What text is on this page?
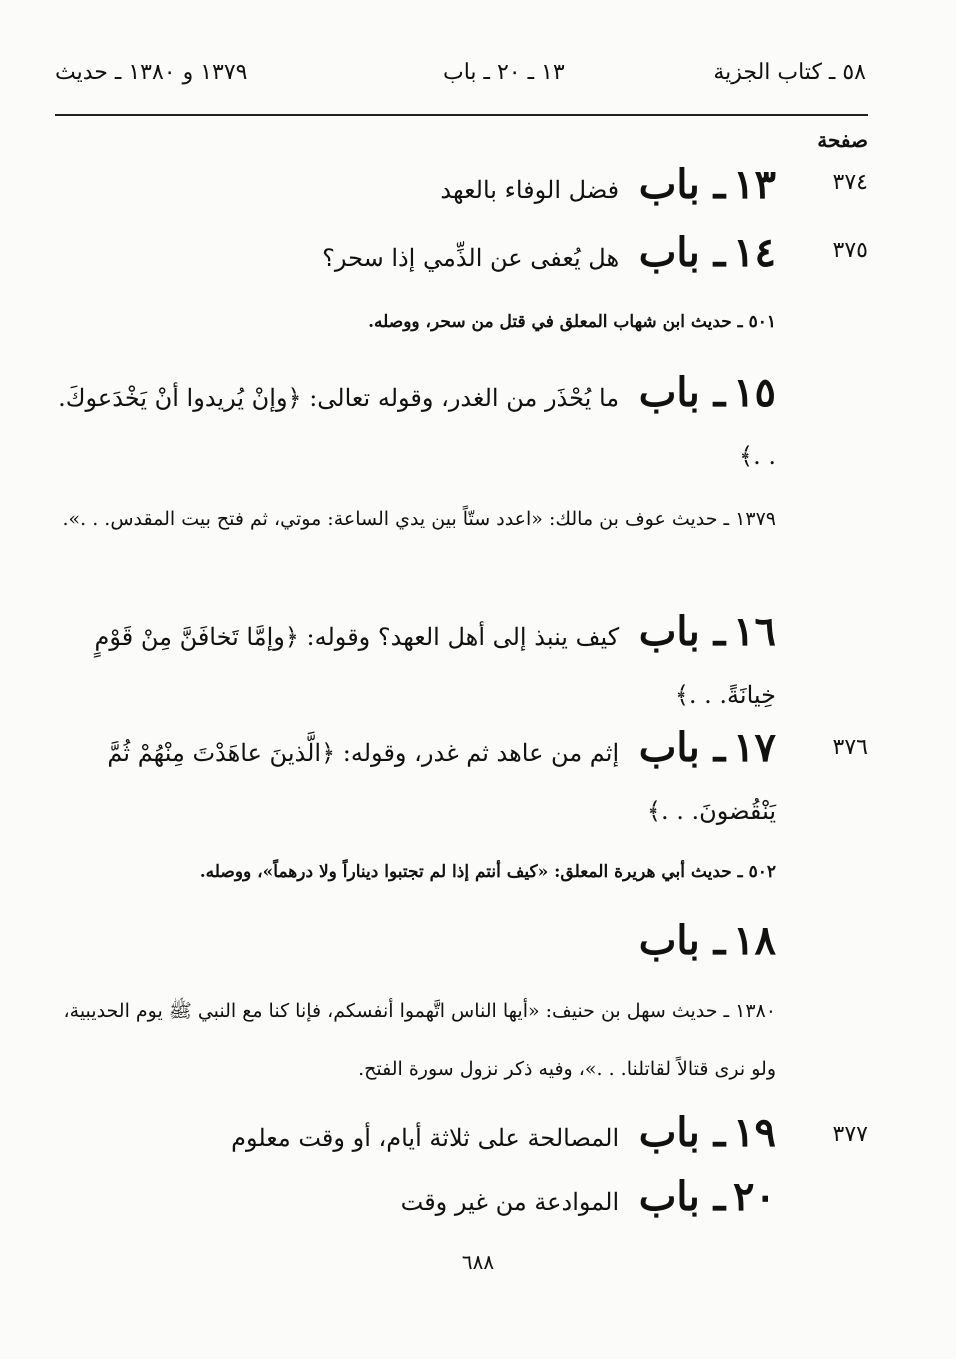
٥٨ ـ كتاب الجزية
١٣ ـ ٢٠ ـ باب
١٣٧٩ و ١٣٨٠ ـ حديث
صفحة
٣٧٤
١٣ ـ باب فضل الوفاء بالعهد
٣٧٥
١٤ ـ باب هل يُعفى عن الذِّمي إذا سحر؟
٥٠١ ـ حديث ابن شهاب المعلق في قتل من سحر، ووصله.
١٥ ـ باب ما يُحْذَر من الغدر، وقوله تعالى: ﴿وإنْ يُريدوا أنْ يَخْدَعوكَ. . .﴾
١٣٧٩ ـ حديث عوف بن مالك: «اعدد ستّاً بين يدي الساعة: موتي، ثم فتح بيت المقدس. . .».
١٦ ـ باب كيف ينبذ إلى أهل العهد؟ وقوله: ﴿وإمَّا تَخافَنَّ مِنْ قَوْمٍ خِيانَةً. . .﴾
٣٧٦
١٧ ـ باب إثم من عاهد ثم غدر، وقوله: ﴿الَّذينَ عاهَدْتَ مِنْهُمْ ثُمَّ يَنْقُضونَ. . .﴾
٥٠٢ ـ حديث أبي هريرة المعلق: «كيف أنتم إذا لم تجتبوا ديناراً ولا درهماً»، ووصله.
١٨ ـ باب
١٣٨٠ ـ حديث سهل بن حنيف: «أيها الناس اتَّهموا أنفسكم، فإنا كنا مع النبي ﷺ يوم الحديبية، ولو نرى قتالاً لقاتلنا. . .»، وفيه ذكر نزول سورة الفتح.
٣٧٧
١٩ ـ باب المصالحة على ثلاثة أيام، أو وقت معلوم
٢٠ ـ باب الموادعة من غير وقت
٦٨٨
